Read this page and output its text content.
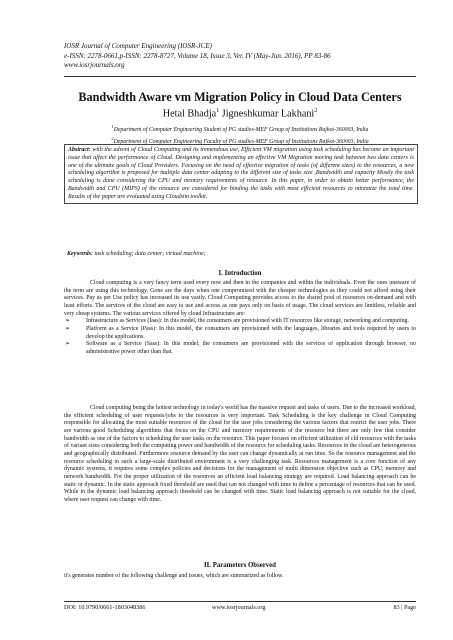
IOSR Journal of Computer Engineering (IOSR-JCE)
e-ISSN: 2278-0661,p-ISSN: 2278-8727, Volume 18, Issue 3, Ver. IV (May-Jun. 2016), PP 83-86
www.iosrjournals.org
Bandwidth Aware vm Migration Policy in Cloud Data Centers
Hetal Bhadja$^1$ Jigneshkumar Lakhani$^2$
$^1$Department of Computer Engineering Student of PG studies-MEF Group of Institutions Rajkot-360003, India
$^2$Department of Computer Engineering Faculty of PG studies-MEF Group of Institutions Rajkot-360003, India
Abstract: with the advent of Cloud Computing and its tremendous use, Efficient VM migration using task scheduling has become an important issue that affect the performance of Cloud. Designing and implementing an effective VM Migration moving task between two data centers is one of the ultimate goals of Cloud Providers. Focusing on the need of effective migration of tasks (of different sizes) to the resources, a new scheduling algorithm is proposed for multiple data center adapting to the different size of tasks size ,Bandwidth and capacity Mostly the task scheduling is done considering the CPU and memory requirements of resource. In this paper, in order to obtain better performance, the Bandwidth and CPU (MIPS) of the resource are considered for binding the tasks with most efficient resources to minimize the total time. Results of the paper are evaluated using Cloudsim toolkit.
Keywords: task scheduling; data center; virtual machine;
I. Introduction

Cloud computing is a very fancy term used every now and then in the companies and within the individuals. Even the ones unaware of the term are using this technology. Gone are the days when one compromised with the cheaper technologies as they could not afford using their services. Pay as per Use policy has increased its use vastly. Cloud Computing provides access to the shared pool of resources on-demand and with least efforts. The services of the cloud are easy to use and access as one pays only on basis of usage. The cloud services are limitless, reliable and very cheap systems. The various services offered by cloud Infrastructure are:

➢	Infrastructure as Services (Iaas): In this model, the consumers are provisioned with IT resources like storage, networking and computing.
➢	Platform as a Service (Pass): In this model, the consumers are provisioned with the languages, libraries and tools required by users to develop the applications.
➢	Software as a Service (Sass): In this model, the consumers are provisioned with the services of application through browser, no administrative power other than that.

Cloud computing being the hottest technology in today's world has the massive request and tasks of users. Due to the increased workload, the efficient scheduling of user requests/jobs to the resources is very important. Task Scheduling is the key challenge in Cloud Computing responsible for allocating the most suitable resources of the cloud for the user jobs considering the various factors that restrict the user jobs. There are various good Scheduling algorithms that focus on the CPU and memory requirements of the resource but there are only few that consider bandwidth as one of the factors to scheduling the user tasks on the resource. This paper focuses on efficient utilization of cld resources with the tasks of variant sizes considering both the computing power and bandwidth of the resource for scheduling tasks. Resources in the cloud are heterogeneous and geographically distributed. Furthermore resource demand by the user can change dynamically at run time. So the resource management and the resource scheduling in such a large-scale distributed environment is a very challenging task. Resources management is a core function of any dynamic systems, it requires some complex policies and decisions for the management of multi dimension objective such as CPU, memory and network bandwidth. For the proper utilization of the resources an efficient load balancing strategy are required. Load balancing approach can be static or dynamic. In the static approach fixed threshold are used that can not changed with time to define a percentage of resources that can be used. While in the dynamic load balancing approach threshold can be changed with time. Static load balancing approach is not suitable for the cloud, where user request can change with time.

II. Parameters Observed

it's generates number of the following challenge and issues, which are summarized as follow.

DOI: 10.9790/0661-1803048386	www.iosrjournals.org	83 | Page
